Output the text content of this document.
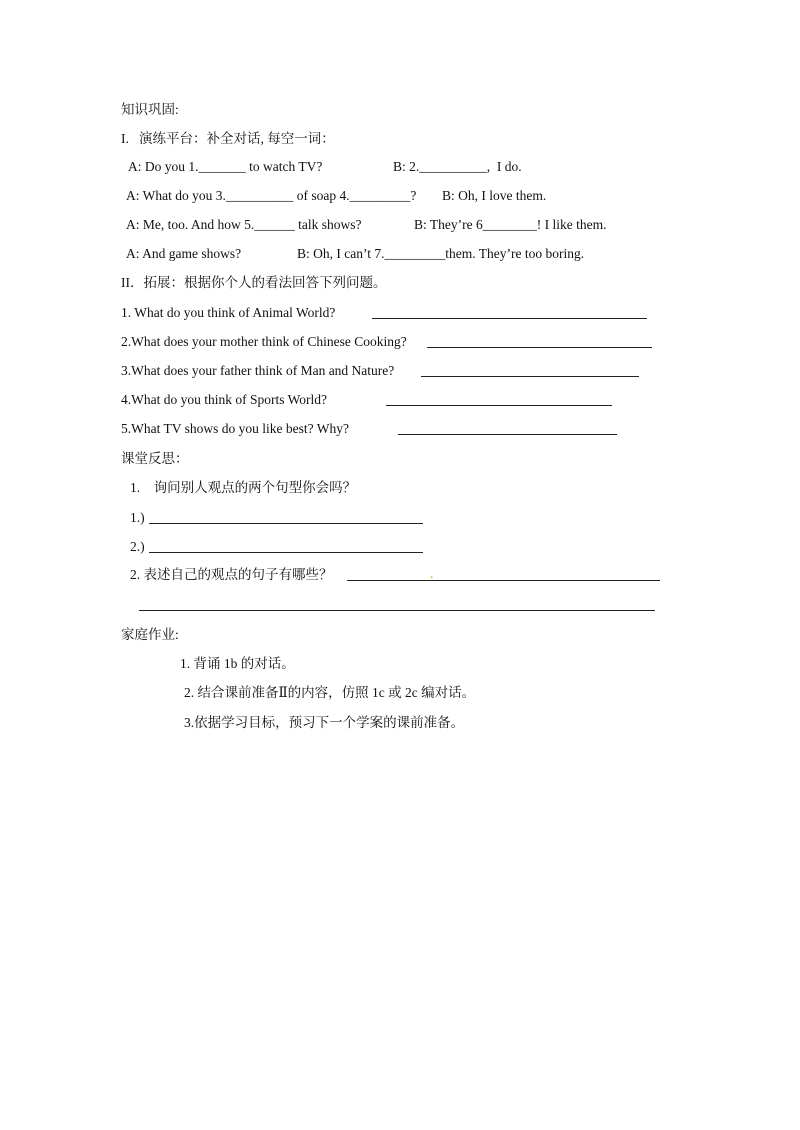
知识巩固:
I.   演练平台：补全对话, 每空一词：
A: Do you 1._______ to watch TV?	B: 2.__________,  I do.
A: What do you 3.__________ of soap 4._________? B: Oh, I love them.
A: Me, too. And how 5.______ talk shows?	B: They’re 6________! I like them.
A: And game shows?	B: Oh, I can’t 7._________them. They’re too boring.
II．拓展：根据你个人的看法回答下列问题。
1. What do you think of Animal World?
2.What does your mother think of Chinese Cooking?
3.What does your father think of Man and Nature?
4.What do you think of Sports World?
5.What TV shows do you like best? Why?
课堂反思：
1.    询问别人观点的两个句型你会吗？
1.)
2.)
2. 表述自己的观点的句子有哪些？	.
家庭作业:
1. 背诵 1b 的对话。
2. 结合课前准备Ⅱ的内容，仿照 1c 或 2c 编对话。
3.依据学习目标，预习下一个学案的课前准备。
